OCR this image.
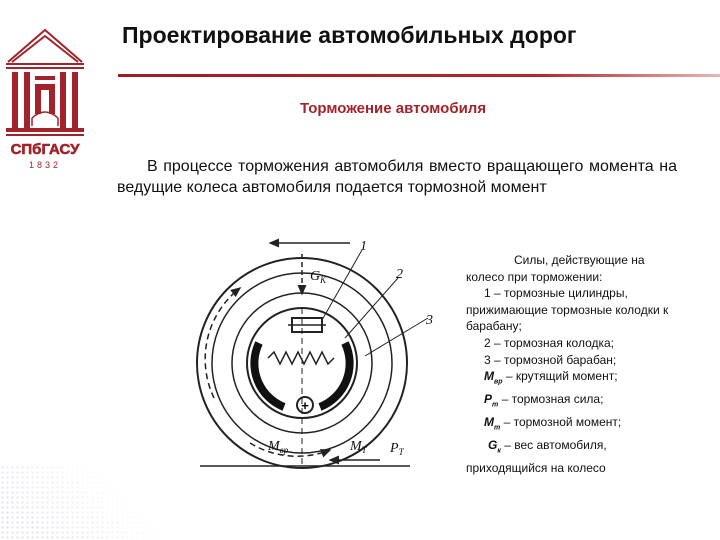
СПбГАСУ
1832
Проектирование автомобильных дорог
Торможение автомобиля

В процессе торможения автомобиля вместо вращающего момента на ведущие колеса автомобиля подается тормозной момент

+
1
2
3
$G_K$
$M_{вр}$	$M_T$ $P_T$

Силы, действующие на колесо при торможении:

1 – тормозные цилиндры, прижимающие тормозные колодки к барабану;

2 – тормозная колодка;

3 – тормозной барабан;

$M_{вр}$ – крутящий момент;

$P_т$ – тормозная сила;

$M_т$ – тормозной момент;

$G_к$ – вес автомобиля, приходящийся на колесо
